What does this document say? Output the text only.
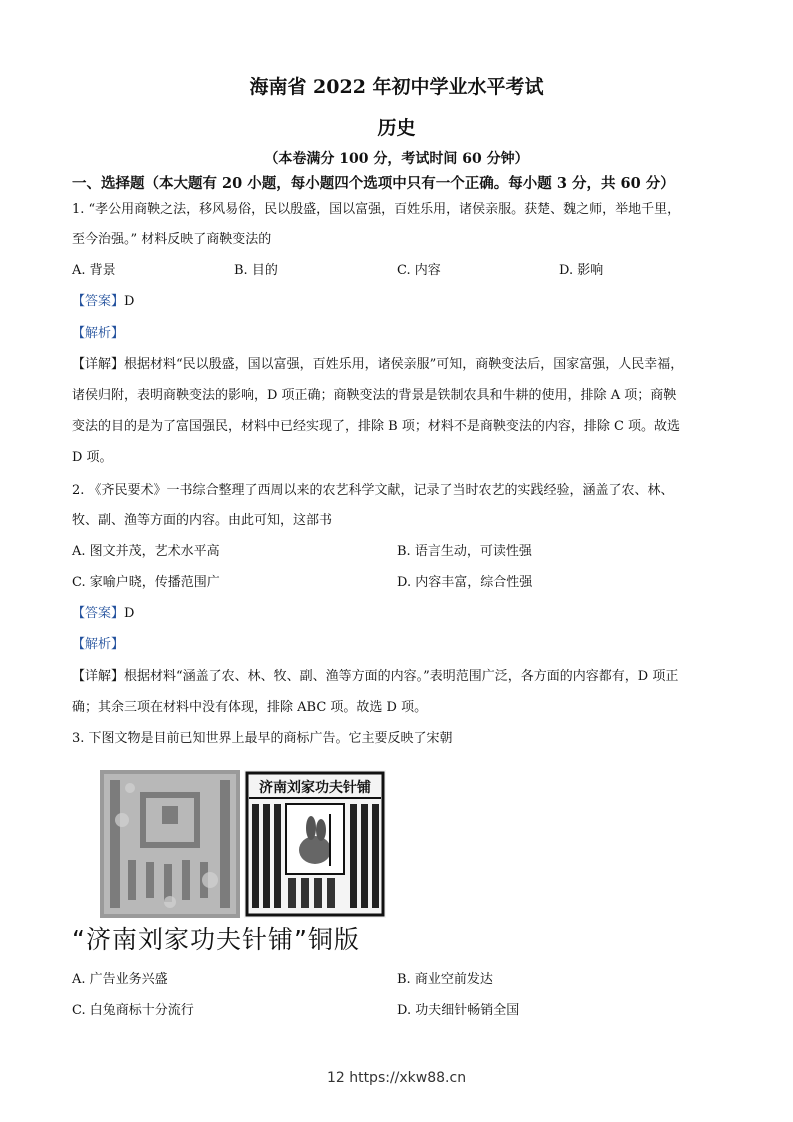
海南省 2022 年初中学业水平考试
历史
（本卷满分 100 分，考试时间 60 分钟）
一、选择题（本大题有 20 小题，每小题四个选项中只有一个正确。每小题 3 分，共 60 分）
1. “孝公用商鞅之法，移风易俗，民以殷盛，国以富强，百姓乐用，诸侯亲服。获楚、魏之师，举地千里，
至今治强。” 材料反映了商鞅变法的
A. 背景	B. 目的	C. 内容	D. 影响
【答案】D
【解析】
【详解】根据材料“民以殷盛，国以富强，百姓乐用，诸侯亲服”可知，商鞅变法后，国家富强，人民幸福，
诸侯归附，表明商鞅变法的影响，D 项正确；商鞅变法的背景是铁制农具和牛耕的使用，排除 A 项；商鞅
变法的目的是为了富国强民，材料中已经实现了，排除 B 项；材料不是商鞅变法的内容，排除 C 项。故选
D 项。
2. 《齐民要术》一书综合整理了西周以来的农艺科学文献，记录了当时农艺的实践经验，涵盖了农、林、
牧、副、渔等方面的内容。由此可知，这部书
A. 图文并茂，艺术水平高	B. 语言生动，可读性强
C. 家喻户晓，传播范围广	D. 内容丰富，综合性强
【答案】D
【解析】
【详解】根据材料“涵盖了农、林、牧、副、渔等方面的内容。”表明范围广泛，各方面的内容都有，D 项正
确；其余三项在材料中没有体现，排除 ABC 项。故选 D 项。
3. 下图文物是目前已知世界上最早的商标广告。它主要反映了宋朝
济南刘家功夫针铺
“济南刘家功夫针铺”铜版
A. 广告业务兴盛	B. 商业空前发达
C. 白兔商标十分流行	D. 功夫细针畅销全国
12 https://xkw88.cn
